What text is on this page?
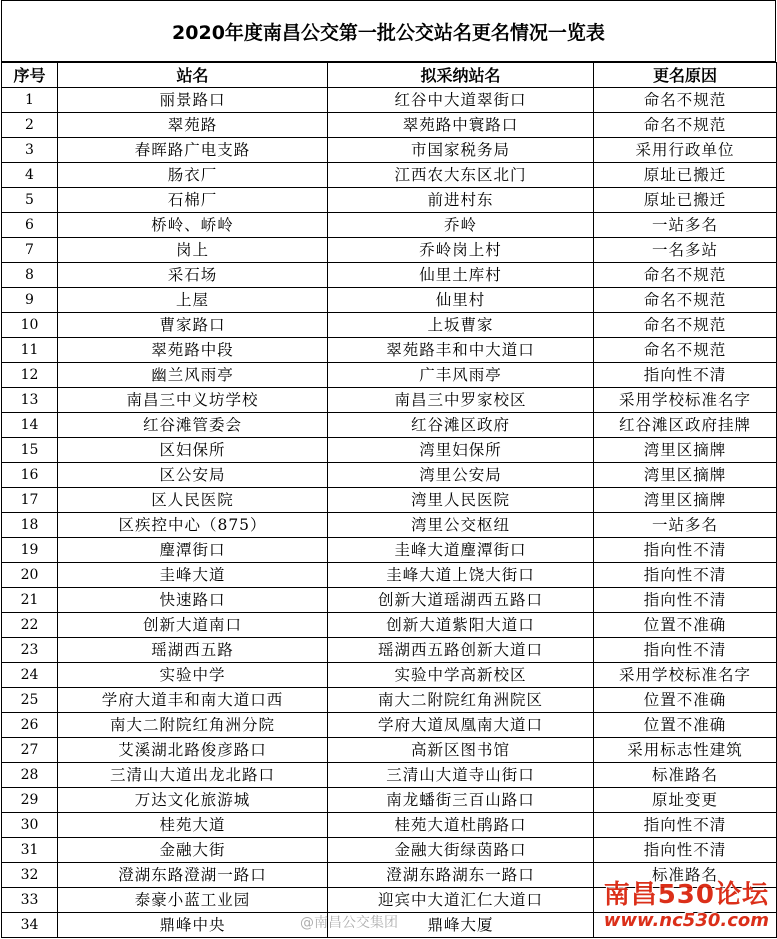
2020年度南昌公交第一批公交站名更名情况一览表
序号	站名	拟采纳站名	更名原因
1	丽景路口	红谷中大道翠街口	命名不规范
2	翠苑路	翠苑路中寰路口	命名不规范
3	春晖路广电支路	市国家税务局	采用行政单位
4	肠衣厂	江西农大东区北门	原址已搬迁
5	石棉厂	前进村东	原址已搬迁
6	桥岭、峤岭	乔岭	一站多名
7	岗上	乔岭岗上村	一名多站
8	采石场	仙里土库村	命名不规范
9	上屋	仙里村	命名不规范
10	曹家路口	上坂曹家	命名不规范
11	翠苑路中段	翠苑路丰和中大道口	命名不规范
12	幽兰风雨亭	广丰风雨亭	指向性不清
13	南昌三中义坊学校	南昌三中罗家校区	采用学校标准名字
14	红谷滩管委会	红谷滩区政府	红谷滩区政府挂牌
15	区妇保所	湾里妇保所	湾里区摘牌
16	区公安局	湾里公安局	湾里区摘牌
17	区人民医院	湾里人民医院	湾里区摘牌
18	区疾控中心（875）	湾里公交枢纽	一站多名
19	麈潭街口	圭峰大道麈潭街口	指向性不清
20	圭峰大道	圭峰大道上饶大街口	指向性不清
21	快速路口	创新大道瑶湖西五路口	指向性不清
22	创新大道南口	创新大道紫阳大道口	位置不准确
23	瑶湖西五路	瑶湖西五路创新大道口	指向性不清
24	实验中学	实验中学高新校区	采用学校标准名字
25	学府大道丰和南大道口西	南大二附院红角洲院区	位置不准确
26	南大二附院红角洲分院	学府大道凤凰南大道口	位置不准确
27	艾溪湖北路俊彦路口	高新区图书馆	采用标志性建筑
28	三清山大道出龙北路口	三清山大道寺山街口	标准路名
29	万达文化旅游城	南龙蟠街三百山路口	原址变更
30	桂苑大道	桂苑大道杜鹃路口	指向性不清
31	金融大街	金融大街绿茵路口	指向性不清
32	澄湖东路澄湖一路口	澄湖东路湖东一路口	标准路名
33	泰豪小蓝工业园	迎宾中大道汇仁大道口	
34	鼎峰中央	鼎峰大厦	
@南昌公交集团
南昌530论坛
www.nc530.com
